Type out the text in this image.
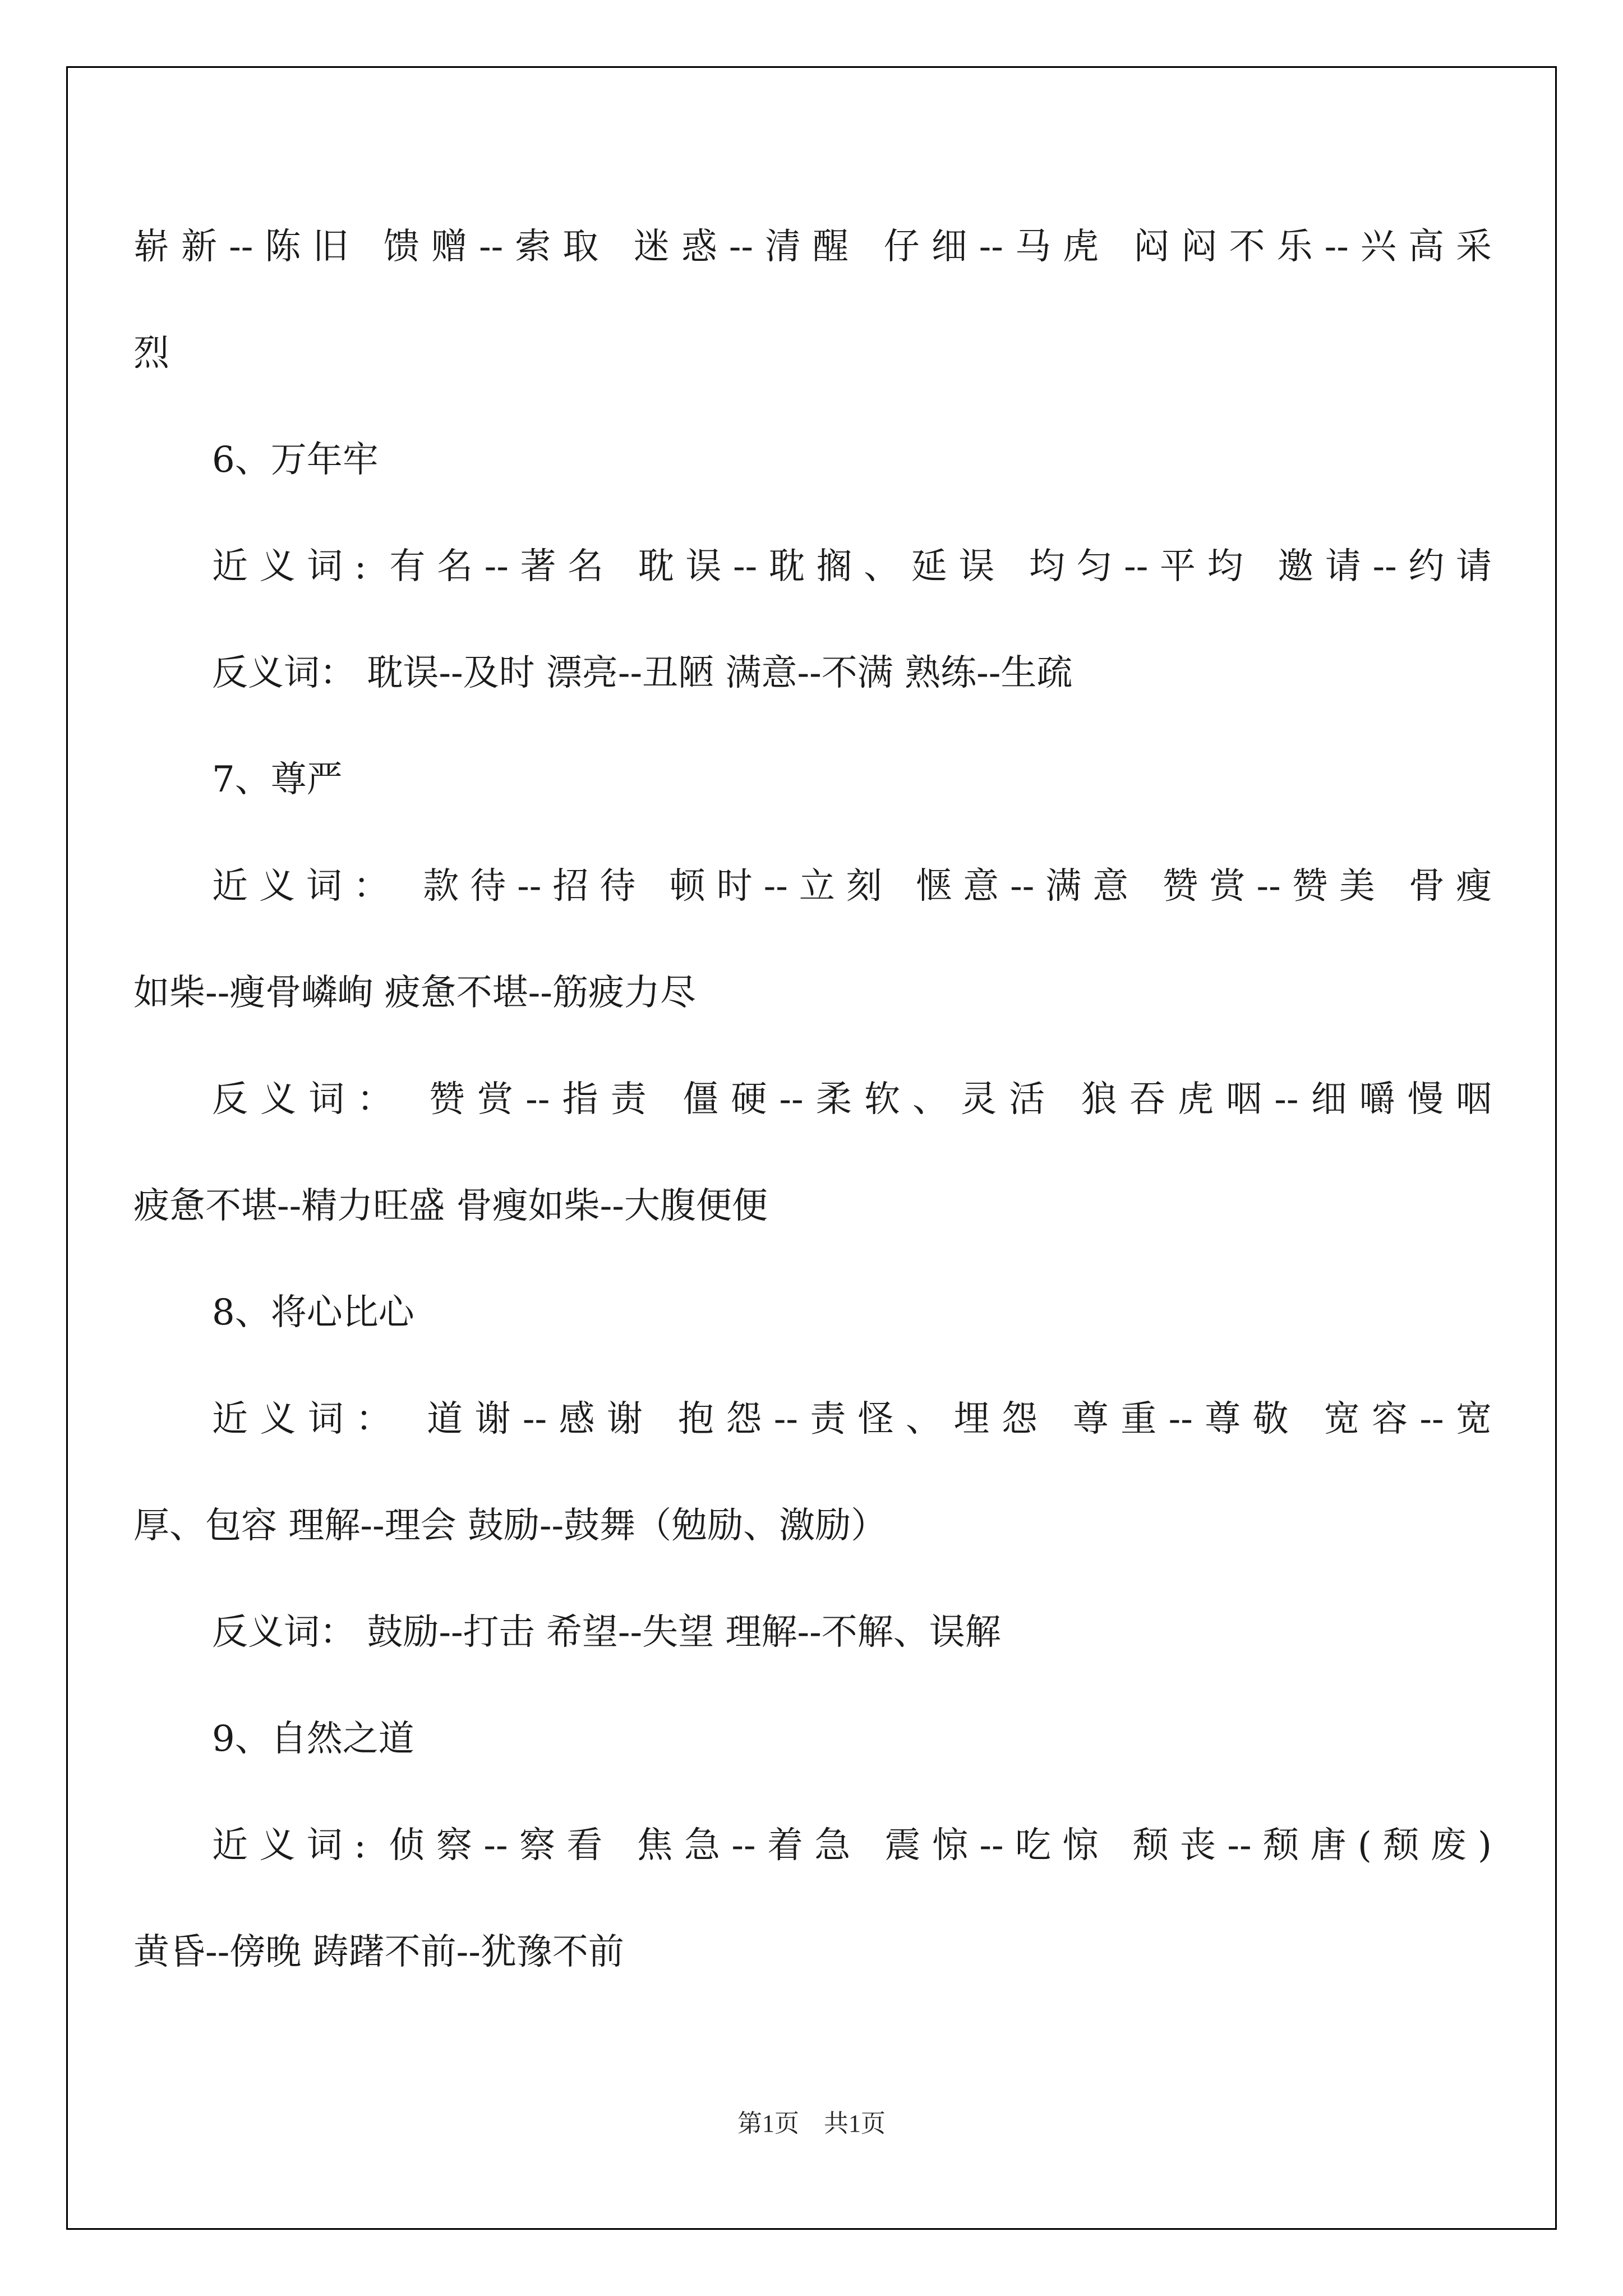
崭新--陈旧 馈赠--索取 迷惑--清醒 仔细--马虎 闷闷不乐--兴高采
烈
6、万年牢
近义词: 有名--著名 耽误--耽搁、延误 均匀--平均 邀请--约请
反义词： 耽误--及时 漂亮--丑陋 满意--不满 熟练--生疏
7、尊严
近义词： 款待--招待 顿时--立刻 惬意--满意 赞赏--赞美 骨瘦
如柴--瘦骨嶙峋 疲惫不堪--筋疲力尽
反义词： 赞赏--指责 僵硬--柔软、灵活 狼吞虎咽--细嚼慢咽
疲惫不堪--精力旺盛 骨瘦如柴--大腹便便
8、将心比心
近义词： 道谢--感谢 抱怨--责怪、埋怨 尊重--尊敬 宽容--宽
厚、包容 理解--理会 鼓励--鼓舞（勉励、激励）
反义词： 鼓励--打击 希望--失望 理解--不解、误解
9、自然之道
近义词: 侦察--察看 焦急--着急 震惊--吃惊 颓丧--颓唐(颓废)
黄昏--傍晚 踌躇不前--犹豫不前
第1页　共1页
